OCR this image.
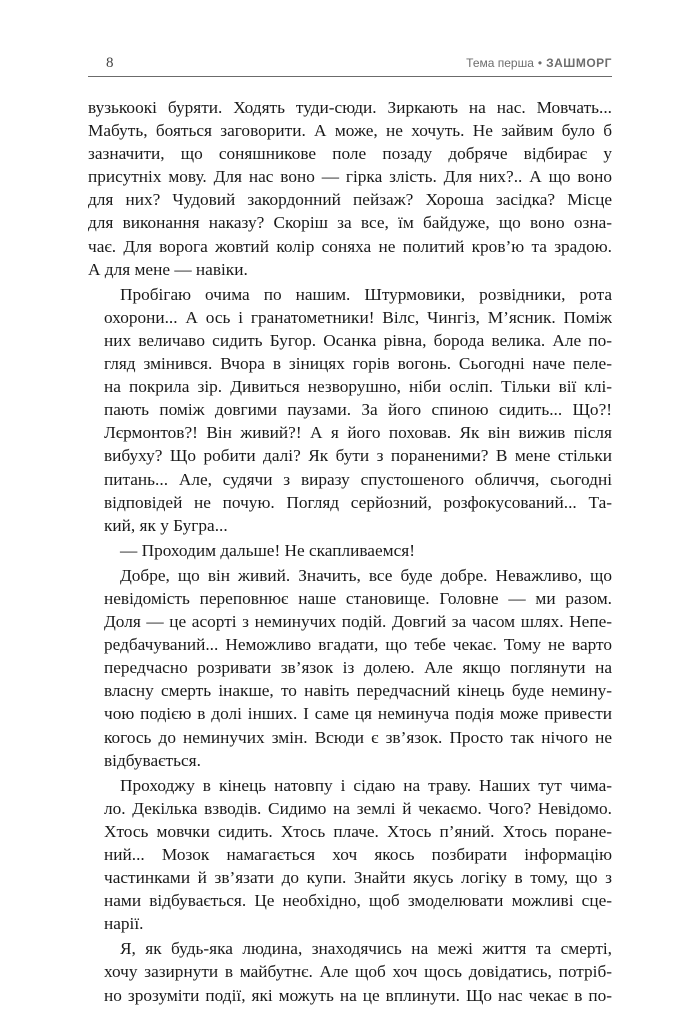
8	Тема перша • ЗАШМОРГ

вузькоокі буряти. Ходять туди-сюди. Зиркають на нас. Мовчать...
Мабуть, бояться заговорити. А може, не хочуть. Не зайвим було б
зазначити, що соняшникове поле позаду добряче відбирає у
присутніх мову. Для нас воно — гірка злість. Для них?.. А що воно
для них? Чудовий закордонний пейзаж? Хороша засідка? Місце
для виконання наказу? Скоріш за все, їм байдуже, що воно озна-
чає. Для ворога жовтий колір соняха не политий кров’ю та зрадою.
А для мене — навіки.

Пробігаю очима по нашим. Штурмовики, розвідники, рота
охорони... А ось і гранатометники! Вілс, Чингіз, М’ясник. Поміж
них величаво сидить Бугор. Осанка рівна, борода велика. Але по-
гляд змінився. Вчора в зіницях горів вогонь. Сьогодні наче пеле-
на покрила зір. Дивиться незворушно, ніби осліп. Тільки вії клі-
пають поміж довгими паузами. За його спиною сидить... Що?!
Лєрмонтов?! Він живий?! А я його поховав. Як він вижив після
вибуху? Що робити далі? Як бути з пораненими? В мене стільки
питань... Але, судячи з виразу спустошеного обличчя, сьогодні
відповідей не почую. Погляд серйозний, розфокусований... Та-
кий, як у Бугра...

— Проходим дальше! Не скапливаемся!

Добре, що він живий. Значить, все буде добре. Неважливо, що
невідомість переповнює наше становище. Головне — ми разом.
Доля — це асорті з неминучих подій. Довгий за часом шлях. Непе-
редбачуваний... Неможливо вгадати, що тебе чекає. Тому не варто
передчасно розривати зв’язок із долею. Але якщо поглянути на
власну смерть інакше, то навіть передчасний кінець буде немину-
чою подією в долі інших. І саме ця неминуча подія може привести
когось до неминучих змін. Всюди є зв’язок. Просто так нічого не
відбувається.

Проходжу в кінець натовпу і сідаю на траву. Наших тут чима-
ло. Декілька взводів. Сидимо на землі й чекаємо. Чого? Невідомо.
Хтось мовчки сидить. Хтось плаче. Хтось п’яний. Хтось поране-
ний... Мозок намагається хоч якось позбирати інформацію
частинками й зв’язати до купи. Знайти якусь логіку в тому, що з
нами відбувається. Це необхідно, щоб змоделювати можливі сце-
нарії.

Я, як будь-яка людина, знаходячись на межі життя та смерті,
хочу зазирнути в майбутнє. Але щоб хоч щось довідатись, потріб-
но зрозуміти події, які можуть на це вплинути. Що нас чекає в по-
